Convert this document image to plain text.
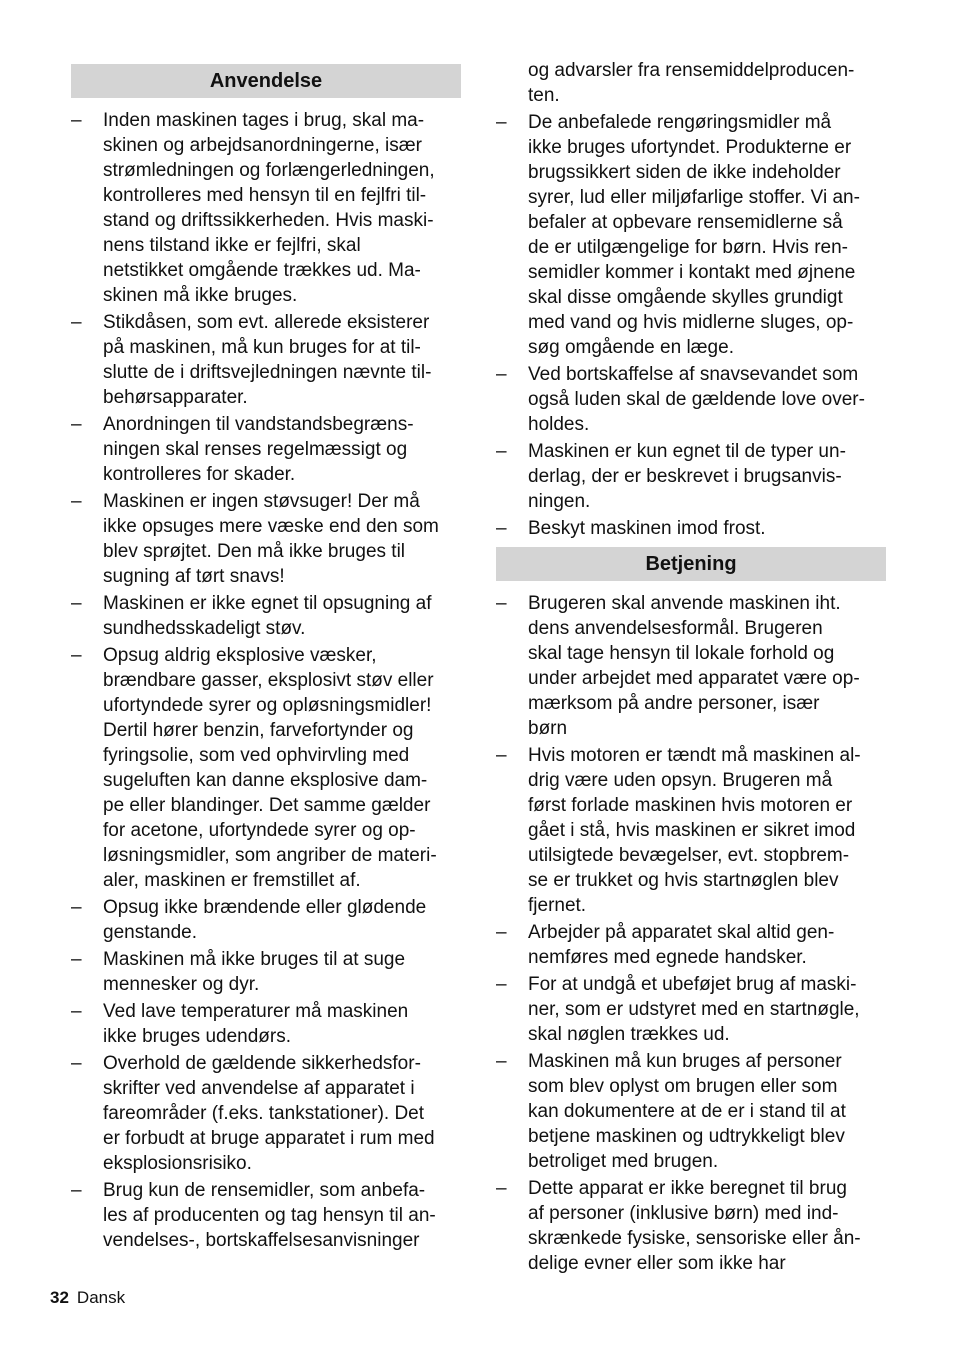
Anvendelse
– Inden maskinen tages i brug, skal ma-
skinen og arbejdsanordningerne, især
strømledningen og forlængerledningen,
kontrolleres med hensyn til en fejlfri til-
stand og driftssikkerheden. Hvis maski-
nens tilstand ikke er fejlfri, skal
netstikket omgående trækkes ud. Ma-
skinen må ikke bruges.
– Stikdåsen, som evt. allerede eksisterer
på maskinen, må kun bruges for at til-
slutte de i driftsvejledningen nævnte til-
behørsapparater.
– Anordningen til vandstandsbegræns-
ningen skal renses regelmæssigt og
kontrolleres for skader.
– Maskinen er ingen støvsuger! Der må
ikke opsuges mere væske end den som
blev sprøjtet. Den må ikke bruges til
sugning af tørt snavs!
– Maskinen er ikke egnet til opsugning af
sundhedsskadeligt støv.
– Opsug aldrig eksplosive væsker,
brændbare gasser, eksplosivt støv eller
ufortyndede syrer og opløsningsmidler!
Dertil hører benzin, farvefortynder og
fyringsolie, som ved ophvirvling med
sugeluften kan danne eksplosive dam-
pe eller blandinger. Det samme gælder
for acetone, ufortyndede syrer og op-
løsningsmidler, som angriber de materi-
aler, maskinen er fremstillet af.
– Opsug ikke brændende eller glødende
genstande.
– Maskinen må ikke bruges til at suge
mennesker og dyr.
– Ved lave temperaturer må maskinen
ikke bruges udendørs.
– Overhold de gældende sikkerhedsfor-
skrifter ved anvendelse af apparatet i
fareområder (f.eks. tankstationer). Det
er forbudt at bruge apparatet i rum med
eksplosionsrisiko.
– Brug kun de rensemidler, som anbefa-
les af producenten og tag hensyn til an-
vendelses-, bortskaffelsesanvisninger
og advarsler fra rensemiddelproducen-
ten.
– De anbefalede rengøringsmidler må
ikke bruges ufortyndet. Produkterne er
brugssikkert siden de ikke indeholder
syrer, lud eller miljøfarlige stoffer. Vi an-
befaler at opbevare rensemidlerne så
de er utilgængelige for børn. Hvis ren-
semidler kommer i kontakt med øjnene
skal disse omgående skylles grundigt
med vand og hvis midlerne sluges, op-
søg omgående en læge.
– Ved bortskaffelse af snavsevandet som
også luden skal de gældende love over-
holdes.
– Maskinen er kun egnet til de typer un-
derlag, der er beskrevet i brugsanvis-
ningen.
– Beskyt maskinen imod frost.
Betjening
– Brugeren skal anvende maskinen iht.
dens anvendelsesformål. Brugeren
skal tage hensyn til lokale forhold og
under arbejdet med apparatet være op-
mærksom på andre personer, især
børn
– Hvis motoren er tændt må maskinen al-
drig være uden opsyn. Brugeren må
først forlade maskinen hvis motoren er
gået i stå, hvis maskinen er sikret imod
utilsigtede bevægelser, evt. stopbrem-
se er trukket og hvis startnøglen blev
fjernet.
– Arbejder på apparatet skal altid gen-
nemføres med egnede handsker.
– For at undgå et ubeføjet brug af maski-
ner, som er udstyret med en startnøgle,
skal nøglen trækkes ud.
– Maskinen må kun bruges af personer
som blev oplyst om brugen eller som
kan dokumentere at de er i stand til at
betjene maskinen og udtrykkeligt blev
betroliget med brugen.
– Dette apparat er ikke beregnet til brug
af personer (inklusive børn) med ind-
skrænkede fysiske, sensoriske eller ån-
delige evner eller som ikke har
32 Dansk
